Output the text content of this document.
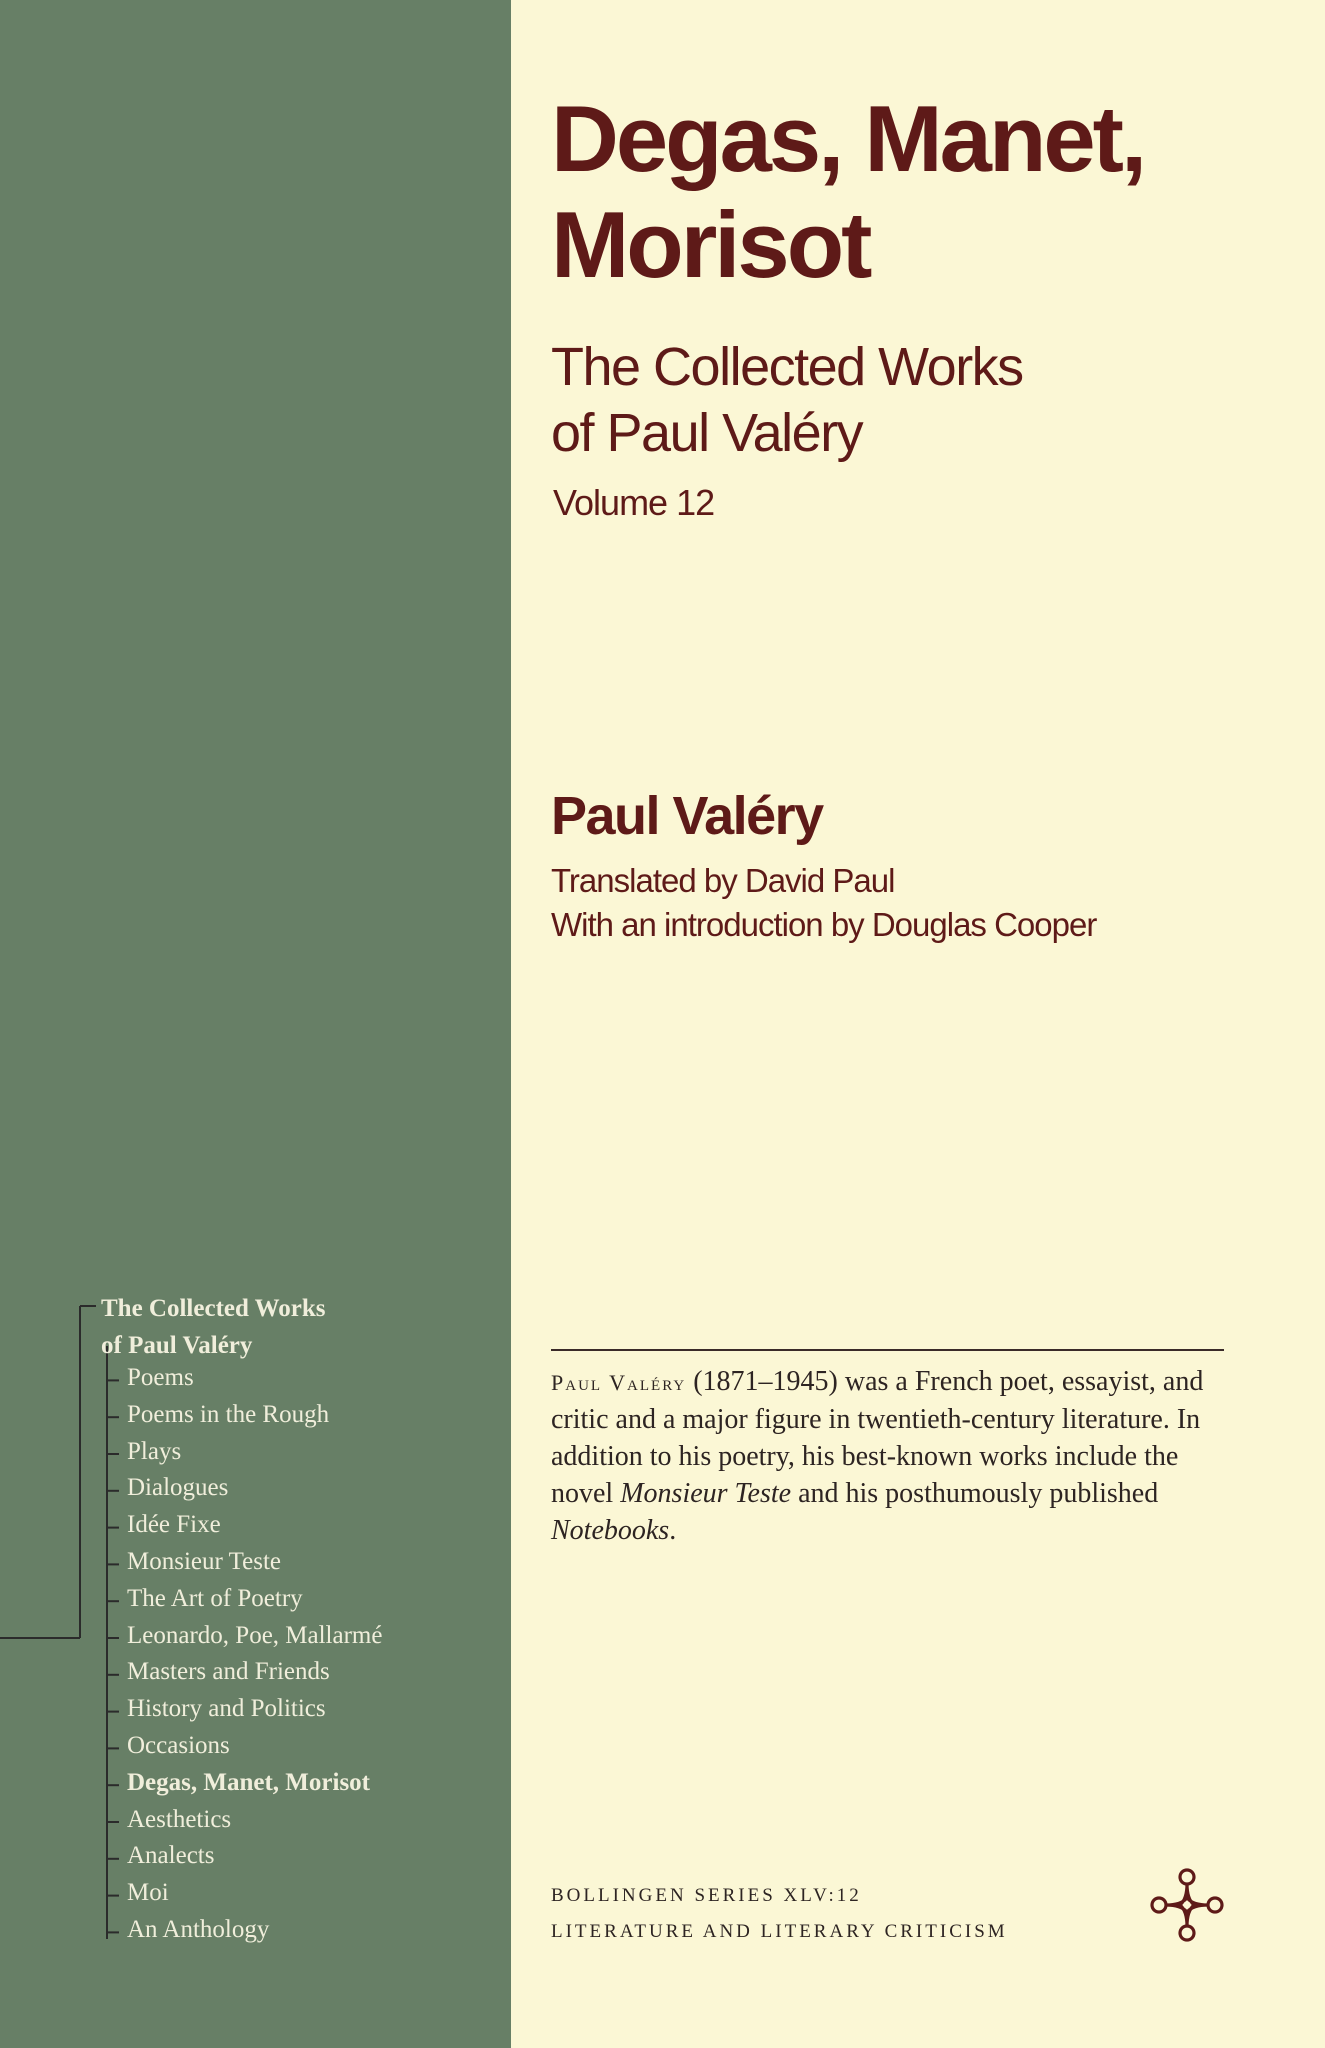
Degas, Manet,
Morisot
The Collected Works
of Paul Valéry
Volume 12
Paul Valéry
Translated by David Paul
With an introduction by Douglas Cooper

Paul Valéry (1871–1945) was a French poet, essayist, and critic and a major figure in twentieth-century literature. In addition to his poetry, his best-known works include the novel Monsieur Teste and his posthumously published Notebooks.

BOLLINGEN SERIES XLV:12
LITERATURE AND LITERARY CRITICISM
The Collected Works
of Paul Valéry
Poems
Poems in the Rough
Plays
Dialogues
Idée Fixe
Monsieur Teste
The Art of Poetry
Leonardo, Poe, Mallarmé
Masters and Friends
History and Politics
Occasions
Degas, Manet, Morisot
Aesthetics
Analects
Moi
An Anthology
